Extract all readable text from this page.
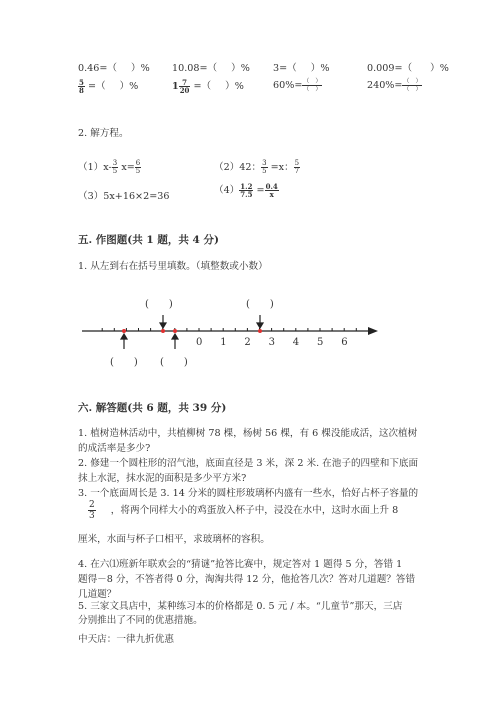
0.46=（ ）% 10.08=（ ）% 3=（ ）%	0.009=（ ）%
$\frac{5}{8}$ =（ ）%	$1 \frac{7}{20}$ =（ ）%	$60\%= \frac{( )}{( )}$	$240\%= \frac{( )}{( )}$
2. 解方程。
$(1)x- \frac{3}{5} x= \frac{6}{5}$	（2）42： $\frac{3}{5} =x$： $\frac{5}{7}$
（3）5x+16×2=36
$(4) \frac{1.2}{7.5} = \frac{0.4}{x}$
五. 作图题(共 1 题，共 4 分)
1. 从左到右在括号里填数。（填整数或小数）
0 1 2 3 4 5 6
(　　)	(　　)
(　　) (　　)
六. 解答题(共 6 题，共 39 分)
1. 植树造林活动中，共植柳树 78 棵，杨树 56 棵，有 6 棵没能成活，这次植树
的成活率是多少?
2. 修建一个圆柱形的沼气池，底面直径是 3 米，深 2 米. 在池子的四壁和下底面
抹上水泥，抹水泥的面积是多少平方米?
3. 一个底面周长是 3. 14 分米的圆柱形玻璃杯内盛有一些水，恰好占杯子容量的
$\frac{2}{3}$ ，将两个同样大小的鸡蛋放入杯子中，浸没在水中，这时水面上升 8
厘米，水面与杯子口相平，求玻璃杯的容积。
4. 在六⑴班新年联欢会的“猜谜”抢答比赛中，规定答对 1 题得 5 分，答错 1
题得－8 分，不答者得 0 分，淘淘共得 12 分，他抢答几次？答对几道题？答错
几道题？
5. 三家文具店中，某种练习本的价格都是 0. 5 元 / 本。“儿童节”那天，三店
分别推出了不同的优惠措施。
中天店：一律九折优惠
